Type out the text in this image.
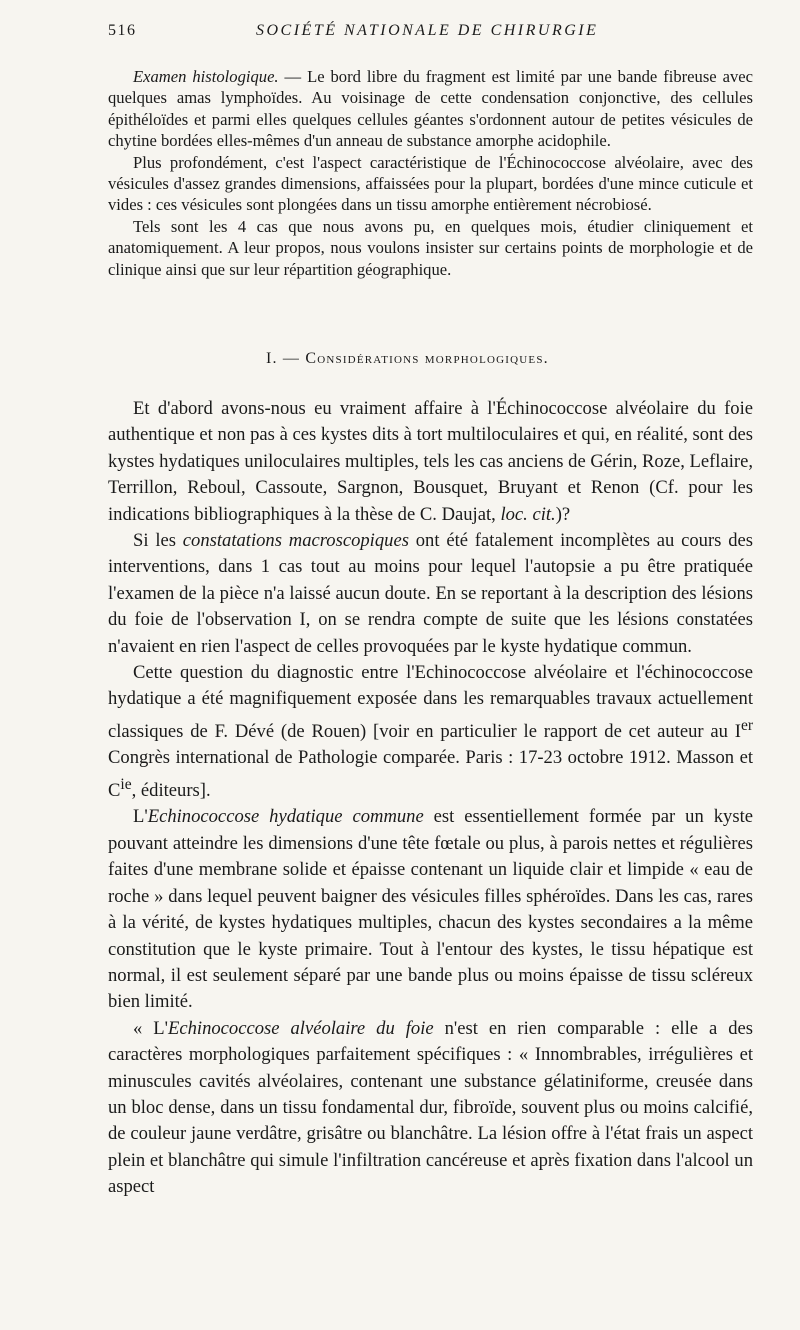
516	SOCIÉTÉ NATIONALE DE CHIRURGIE

Examen histologique. — Le bord libre du fragment est limité par une bande fibreuse avec quelques amas lymphoïdes. Au voisinage de cette condensation conjonctive, des cellules épithéloïdes et parmi elles quelques cellules géantes s'ordonnent autour de petites vésicules de chytine bordées elles-mêmes d'un anneau de substance amorphe acidophile.

Plus profondément, c'est l'aspect caractéristique de l'Échinococcose alvéolaire, avec des vésicules d'assez grandes dimensions, affaissées pour la plupart, bordées d'une mince cuticule et vides : ces vésicules sont plongées dans un tissu amorphe entièrement nécrobiosé.

Tels sont les 4 cas que nous avons pu, en quelques mois, étudier cliniquement et anatomiquement. A leur propos, nous voulons insister sur certains points de morphologie et de clinique ainsi que sur leur répartition géographique.

I. — Considérations morphologiques.

Et d'abord avons-nous eu vraiment affaire à l'Échinococcose alvéolaire du foie authentique et non pas à ces kystes dits à tort multiloculaires et qui, en réalité, sont des kystes hydatiques uniloculaires multiples, tels les cas anciens de Gérin, Roze, Leflaire, Terrillon, Reboul, Cassoute, Sargnon, Bousquet, Bruyant et Renon (Cf. pour les indications bibliographiques à la thèse de C. Daujat, loc. cit.)?

Si les constatations macroscopiques ont été fatalement incomplètes au cours des interventions, dans 1 cas tout au moins pour lequel l'autopsie a pu être pratiquée l'examen de la pièce n'a laissé aucun doute. En se reportant à la description des lésions du foie de l'observation I, on se rendra compte de suite que les lésions constatées n'avaient en rien l'aspect de celles provoquées par le kyste hydatique commun.

Cette question du diagnostic entre l'Echinococcose alvéolaire et l'échinococcose hydatique a été magnifiquement exposée dans les remarquables travaux actuellement classiques de F. Dévé (de Rouen) [voir en particulier le rapport de cet auteur au Ier Congrès international de Pathologie comparée. Paris : 17-23 octobre 1912. Masson et $C^{ie}$, éditeurs].

L'Echinococcose hydatique commune est essentiellement formée par un kyste pouvant atteindre les dimensions d'une tête fœtale ou plus, à parois nettes et régulières faites d'une membrane solide et épaisse contenant un liquide clair et limpide « eau de roche » dans lequel peuvent baigner des vésicules filles sphéroïdes. Dans les cas, rares à la vérité, de kystes hydatiques multiples, chacun des kystes secondaires a la même constitution que le kyste primaire. Tout à l'entour des kystes, le tissu hépatique est normal, il est seulement séparé par une bande plus ou moins épaisse de tissu scléreux bien limité.

« L'Echinococcose alvéolaire du foie n'est en rien comparable : elle a des caractères morphologiques parfaitement spécifiques : « Innombrables, irrégulières et minuscules cavités alvéolaires, contenant une substance gélatiniforme, creusée dans un bloc dense, dans un tissu fondamental dur, fibroïde, souvent plus ou moins calcifié, de couleur jaune verdâtre, grisâtre ou blanchâtre. La lésion offre à l'état frais un aspect plein et blanchâtre qui simule l'infiltration cancéreuse et après fixation dans l'alcool un aspect
